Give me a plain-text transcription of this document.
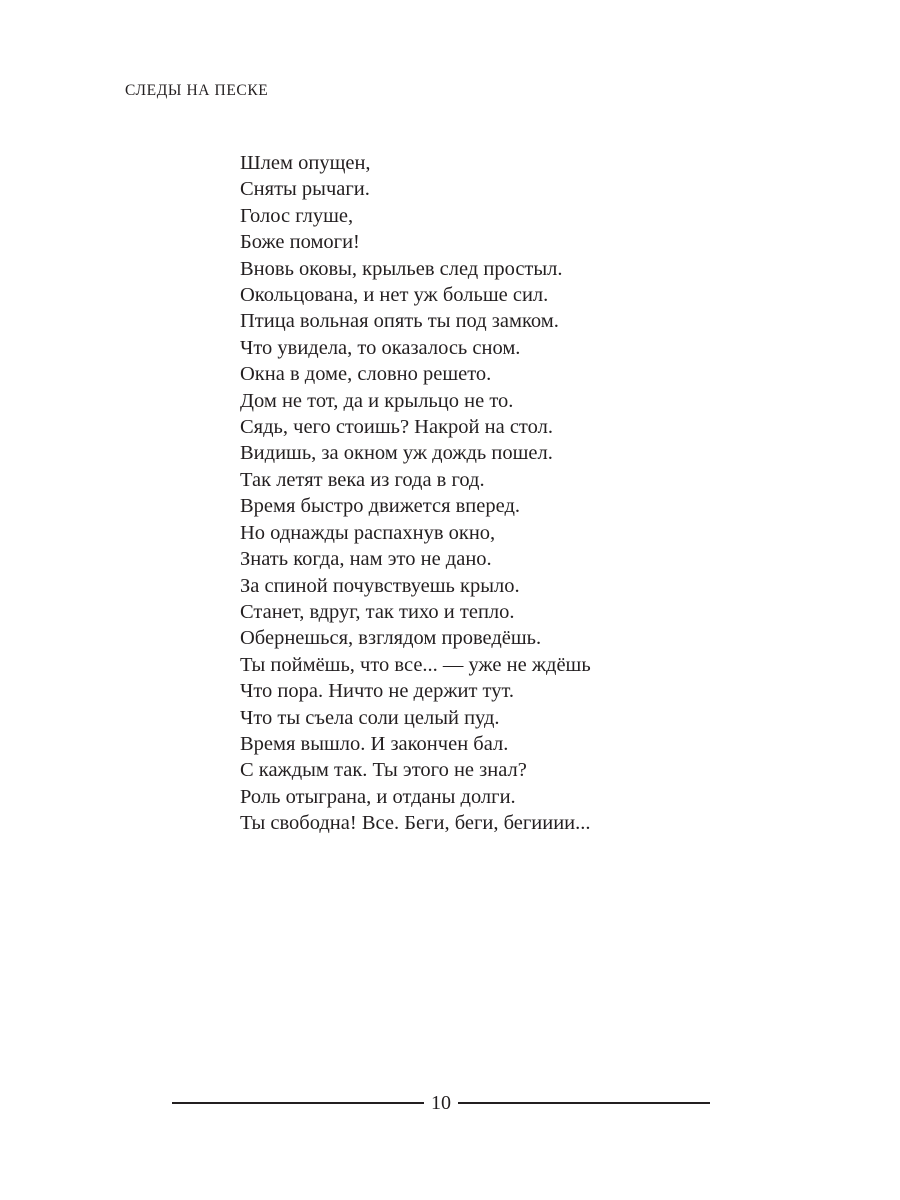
СЛЕДЫ НА ПЕСКЕ
Шлем опущен,
Сняты рычаги.
Голос глуше,
Боже помоги!
Вновь оковы, крыльев след простыл.
Окольцована, и нет уж больше сил.
Птица вольная опять ты под замком.
Что увидела, то оказалось сном.
Окна в доме, словно решето.
Дом не тот, да и крыльцо не то.
Сядь, чего стоишь? Накрой на стол.
Видишь, за окном уж дождь пошел.
Так летят века из года в год.
Время быстро движется вперед.
Но однажды распахнув окно,
Знать когда, нам это не дано.
За спиной почувствуешь крыло.
Станет, вдруг, так тихо и тепло.
Обернешься, взглядом проведёшь.
Ты поймёшь, что все... — уже не ждёшь
Что пора. Ничто не держит тут.
Что ты съела соли целый пуд.
Время вышло. И закончен бал.
С каждым так. Ты этого не знал?
Роль отыграна, и отданы долги.
Ты свободна! Все. Беги, беги, бегииии...
10
